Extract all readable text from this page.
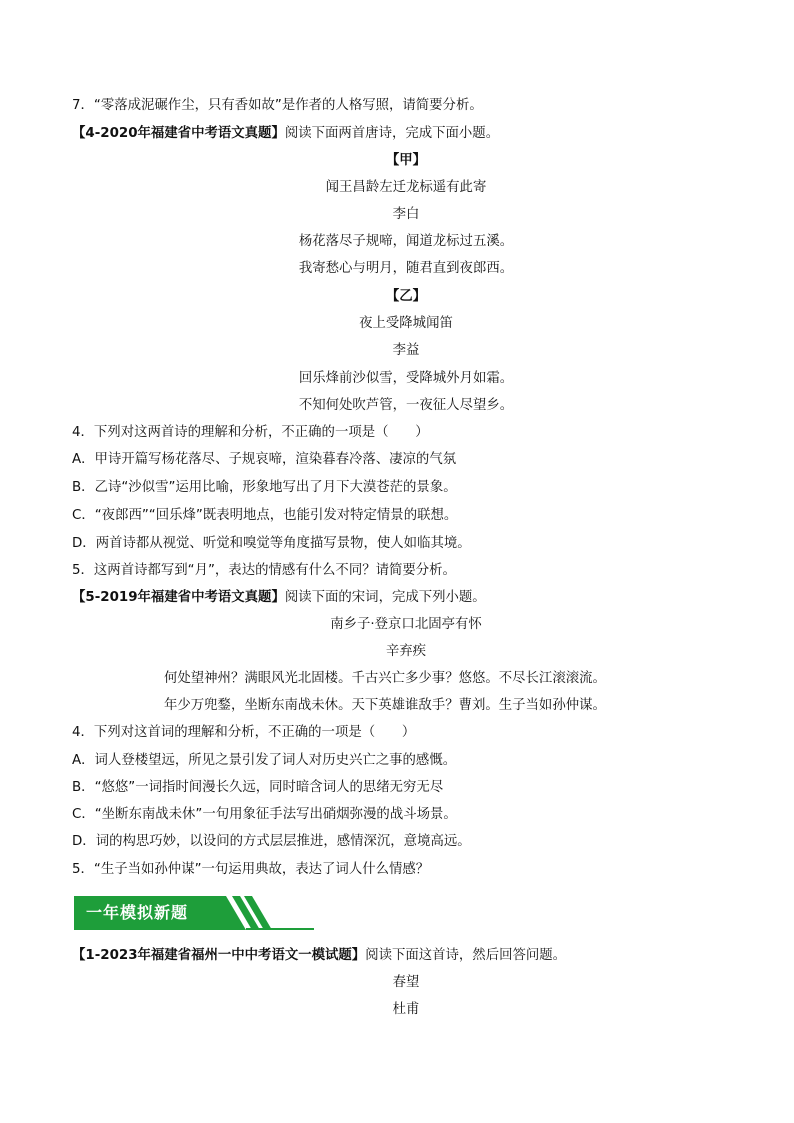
7．“零落成泥碾作尘，只有香如故”是作者的人格写照，请简要分析。
【4-2020年福建省中考语文真题】阅读下面两首唐诗，完成下面小题。
【甲】
闻王昌龄左迁龙标遥有此寄
李白
杨花落尽子规啼，闻道龙标过五溪。
我寄愁心与明月，随君直到夜郎西。
【乙】
夜上受降城闻笛
李益
回乐烽前沙似雪，受降城外月如霜。
不知何处吹芦管，一夜征人尽望乡。
4．下列对这两首诗的理解和分析，不正确的一项是（　　）
A．甲诗开篇写杨花落尽、子规哀啼，渲染暮春冷落、凄凉的气氛
B．乙诗“沙似雪”运用比喻，形象地写出了月下大漠苍茫的景象。
C．“夜郎西”“回乐烽”既表明地点，也能引发对特定情景的联想。
D．两首诗都从视觉、听觉和嗅觉等角度描写景物，使人如临其境。
5．这两首诗都写到“月”，表达的情感有什么不同？请简要分析。
【5-2019年福建省中考语文真题】阅读下面的宋词，完成下列小题。
南乡子·登京口北固亭有怀
辛弃疾
何处望神州？满眼风光北固楼。千古兴亡多少事？悠悠。不尽长江滚滚流。
年少万兜鍪，坐断东南战未休。天下英雄谁敌手？曹刘。生子当如孙仲谋。
4．下列对这首词的理解和分析，不正确的一项是（　　）
A．词人登楼望远，所见之景引发了词人对历史兴亡之事的感慨。
B．“悠悠”一词指时间漫长久远，同时暗含词人的思绪无穷无尽
C．“坐断东南战未休”一句用象征手法写出硝烟弥漫的战斗场景。
D．词的构思巧妙，以设问的方式层层推进，感情深沉，意境高远。
5．“生子当如孙仲谋”一句运用典故，表达了词人什么情感？
一年模拟新题
【1-2023年福建省福州一中中考语文一模试题】阅读下面这首诗，然后回答问题。
春望
杜甫
